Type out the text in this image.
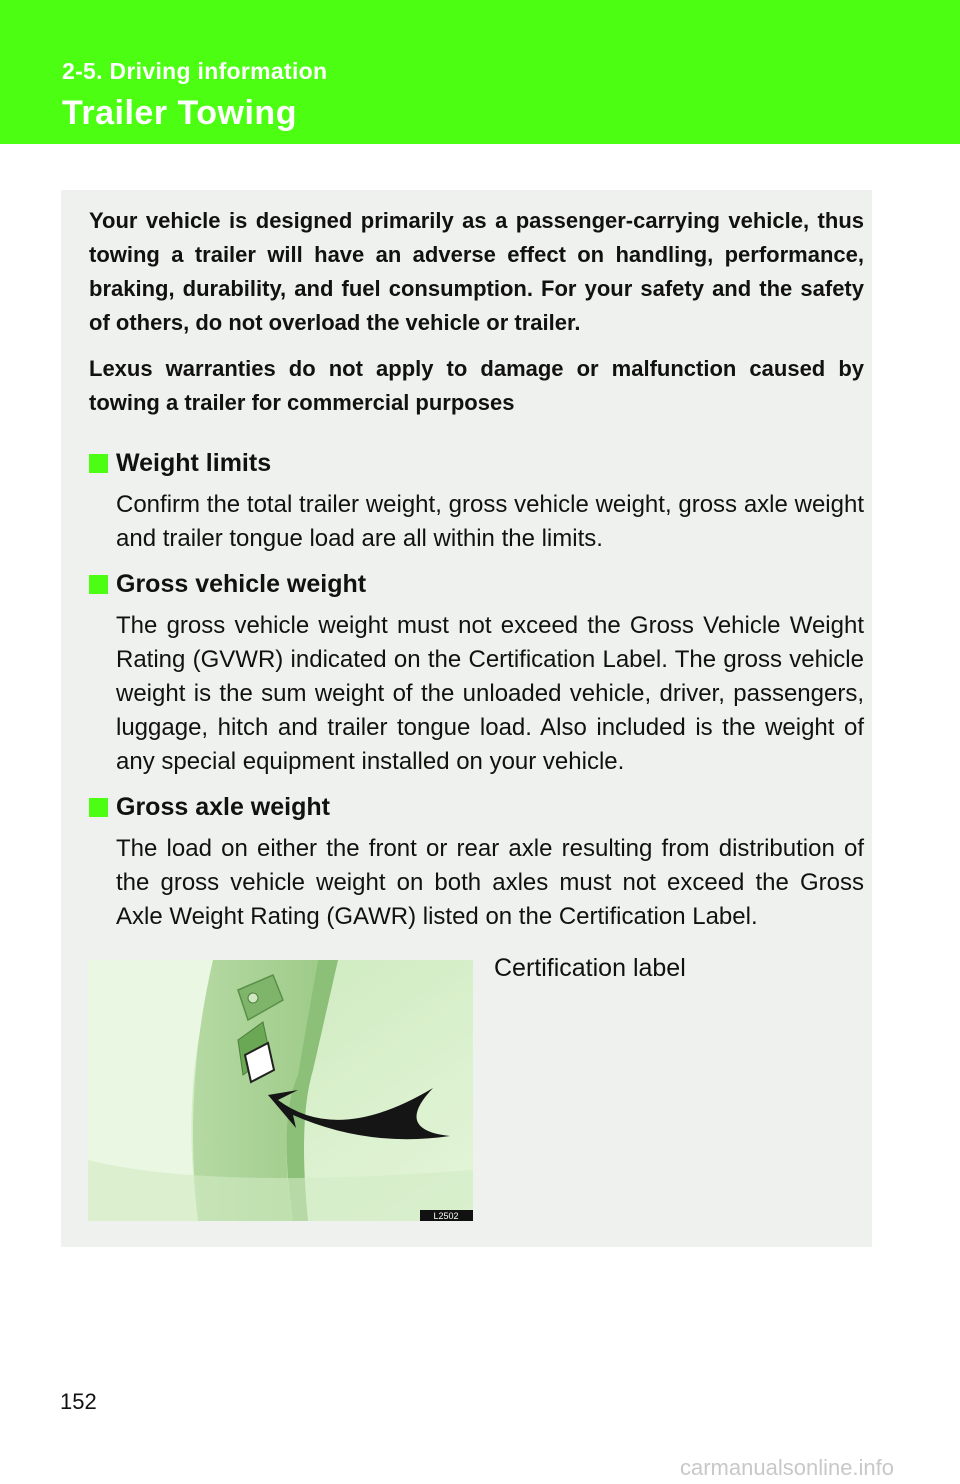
2-5. Driving information
Trailer Towing

Your vehicle is designed primarily as a passenger-carrying vehicle, thus towing a trailer will have an adverse effect on handling, performance, braking, durability, and fuel consumption. For your safety and the safety of others, do not overload the vehicle or trailer.

Lexus warranties do not apply to damage or malfunction caused by towing a trailer for commercial purposes

Weight limits

Confirm the total trailer weight, gross vehicle weight, gross axle weight and trailer tongue load are all within the limits.

Gross vehicle weight

The gross vehicle weight must not exceed the Gross Vehicle Weight Rating (GVWR) indicated on the Certification Label. The gross vehicle weight is the sum weight of the unloaded vehicle, driver, passengers, luggage, hitch and trailer tongue load. Also included is the weight of any special equipment installed on your vehicle.

Gross axle weight

The load on either the front or rear axle resulting from distribution of the gross vehicle weight on both axles must not exceed the Gross Axle Weight Rating (GAWR) listed on the Certification Label.

L2502
Certification label
152
carmanualsonline.info
